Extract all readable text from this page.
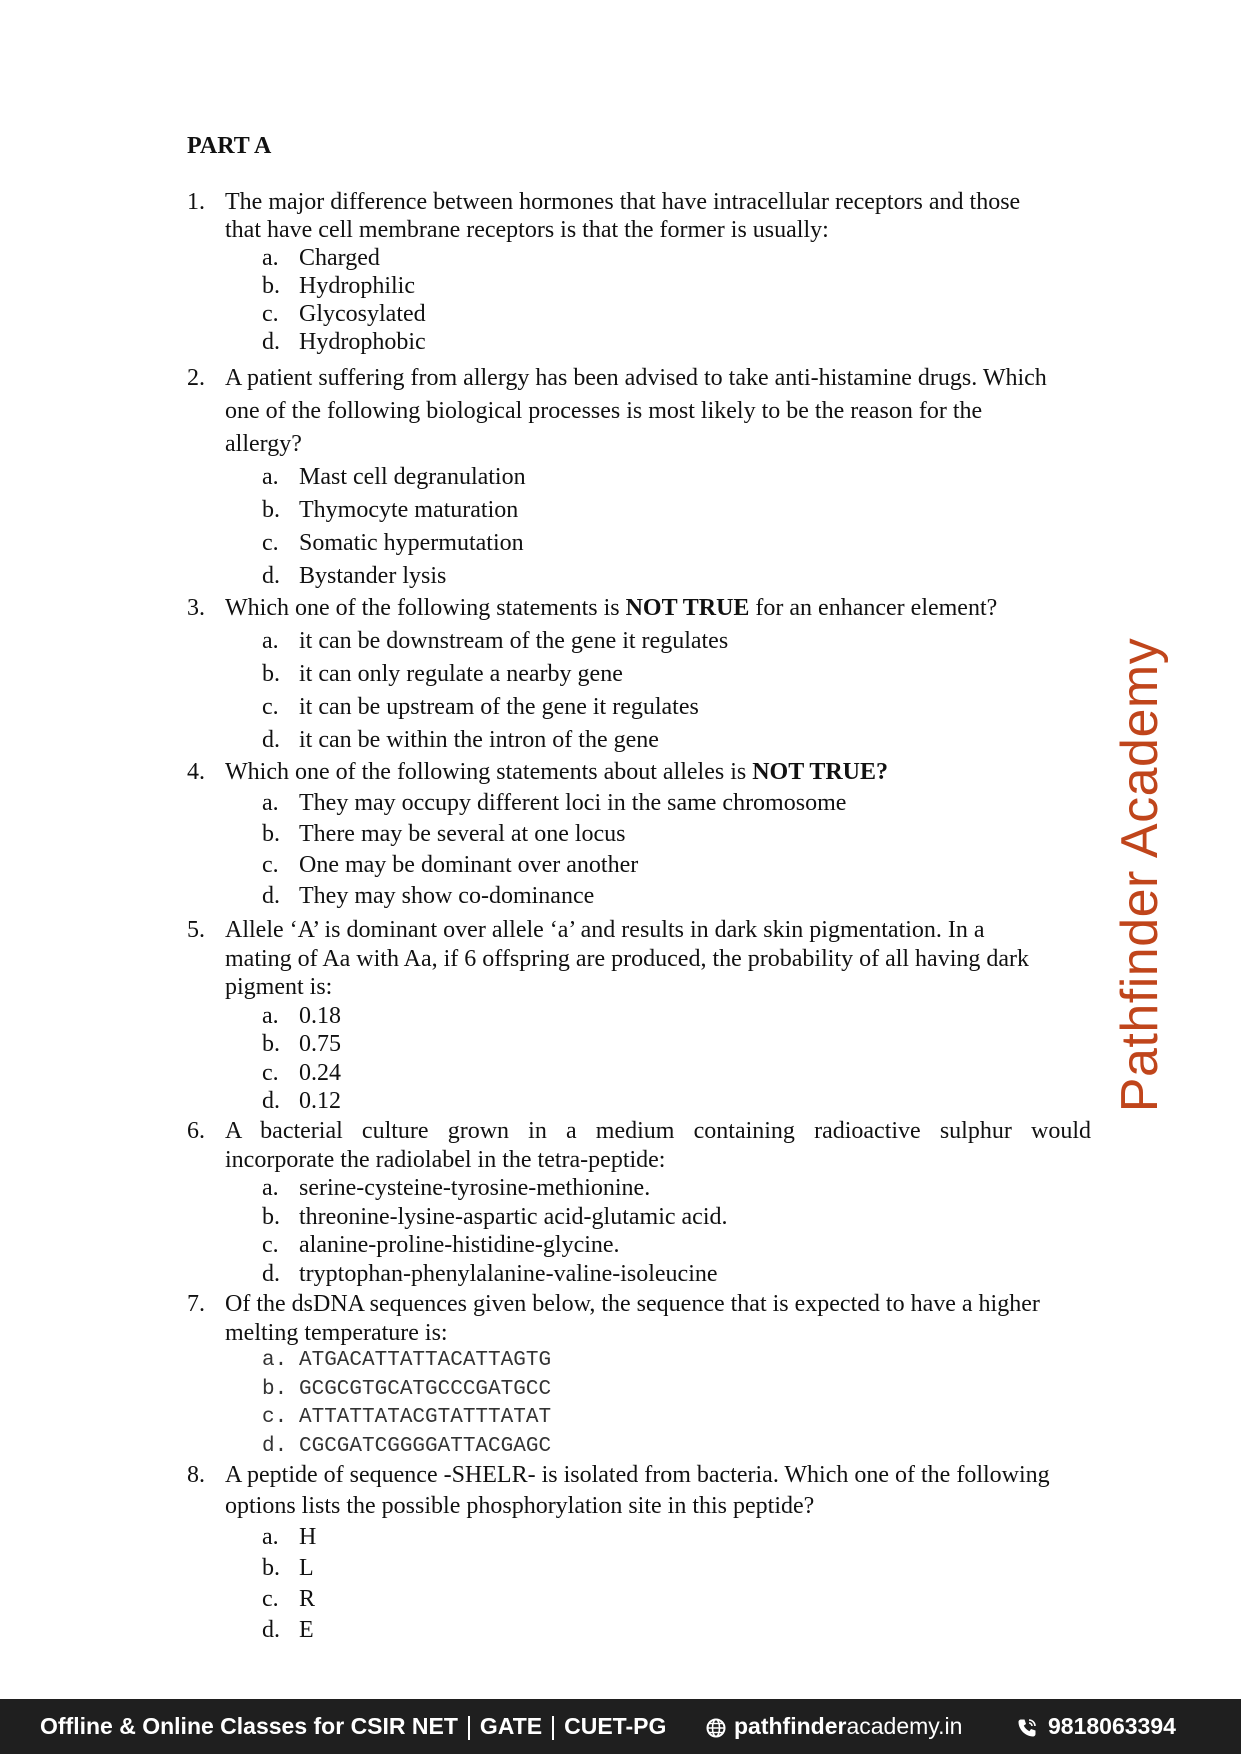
PART A
1. The major difference between hormones that have intracellular receptors and those
that have cell membrane receptors is that the former is usually:
a. Charged
b. Hydrophilic
c. Glycosylated
d. Hydrophobic
2. A patient suffering from allergy has been advised to take anti-histamine drugs. Which
one of the following biological processes is most likely to be the reason for the
allergy?
a. Mast cell degranulation
b. Thymocyte maturation
c. Somatic hypermutation
d. Bystander lysis
3. Which one of the following statements is NOT TRUE for an enhancer element?
a. it can be downstream of the gene it regulates
b. it can only regulate a nearby gene
c. it can be upstream of the gene it regulates
d. it can be within the intron of the gene
4. Which one of the following statements about alleles is NOT TRUE?
a. They may occupy different loci in the same chromosome
b. There may be several at one locus
c. One may be dominant over another
d. They may show co-dominance
5. Allele ‘A’ is dominant over allele ‘a’ and results in dark skin pigmentation. In a
mating of Aa with Aa, if 6 offspring are produced, the probability of all having dark
pigment is:
a. 0.18
b. 0.75
c. 0.24
d. 0.12
6. A bacterial culture grown in a medium containing radioactive sulphur would
incorporate the radiolabel in the tetra-peptide:
a. serine-cysteine-tyrosine-methionine.
b. threonine-lysine-aspartic acid-glutamic acid.
c. alanine-proline-histidine-glycine.
d. tryptophan-phenylalanine-valine-isoleucine
7. Of the dsDNA sequences given below, the sequence that is expected to have a higher
melting temperature is:
a. ATGACATTATTACATTAGTG
b. GCGCGTGCATGCCCGATGCC
c. ATTATTATACGTATTTATAT
d. CGCGATCGGGGATTACGAGC
8. A peptide of sequence -SHELR- is isolated from bacteria. Which one of the following
options lists the possible phosphorylation site in this peptide?
a. H
b. L
c. R
d. E
Pathfinder Academy
Offline & Online Classes for CSIR NET GATE CUET-PG	pathfinderacademy.in	9818063394
